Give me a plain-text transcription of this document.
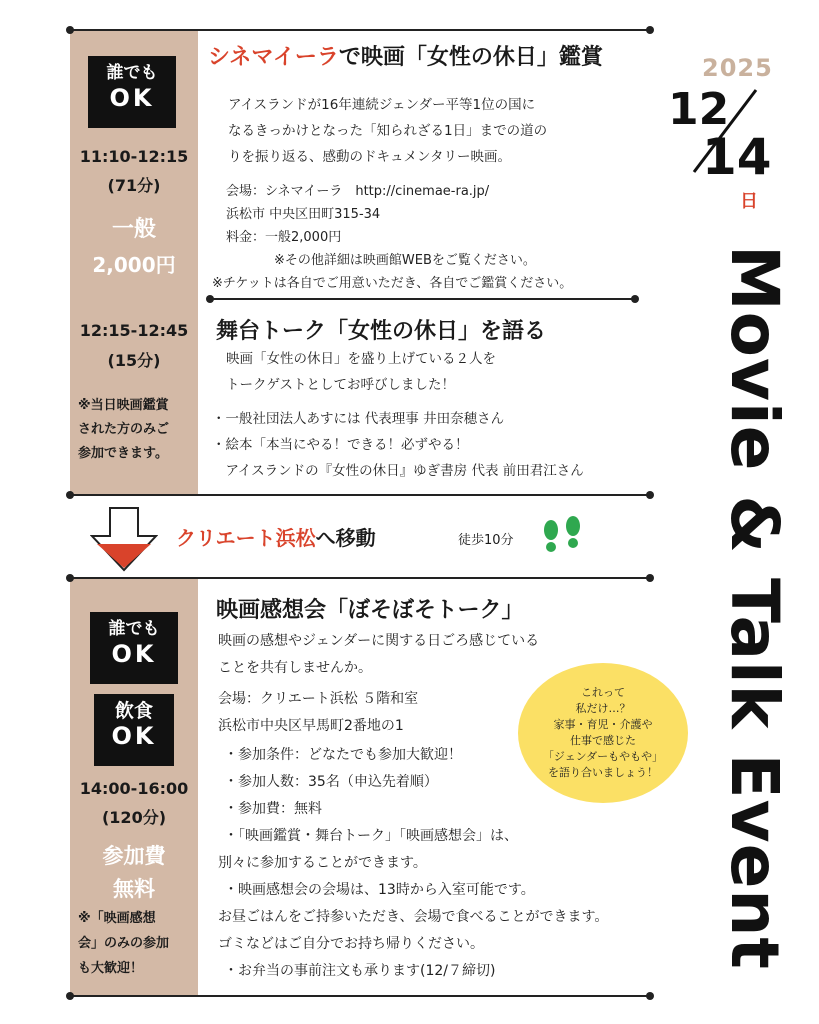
誰でも
OK
11:10-12:15
(71分)
一般
2,000円
シネマイーラで映画「女性の休日」鑑賞
アイスランドが16年連続ジェンダー平等1位の国に
なるきっかけとなった「知られざる1日」までの道の
りを振り返る、感動のドキュメンタリー映画。
会場：シネマイーラ　http://cinemae-ra.jp/
浜松市 中央区田町315-34
料金：一般2,000円
※その他詳細は映画館WEBをご覧ください。
※チケットは各自でご用意いただき、各自でご鑑賞ください。
12:15-12:45
(15分)
※当日映画鑑賞
された方のみご
参加できます。
舞台トーク「女性の休日」を語る
映画「女性の休日」を盛り上げている２人を
トークゲストとしてお呼びしました！
・一般社団法人あすには 代表理事 井田奈穂さん
・絵本「本当にやる！できる！必ずやる！
　アイスランドの『女性の休日』ゆぎ書房 代表 前田君江さん
クリエート浜松へ移動	徒歩10分
誰でも
OK
飲食
OK
14:00-16:00
(120分)
参加費
無料
※「映画感想
会」のみの参加
も大歓迎！
映画感想会「ぼそぼそトーク」
映画の感想やジェンダーに関する日ごろ感じている
ことを共有しませんか。
会場：クリエート浜松 ５階和室
浜松市中央区早馬町2番地の1
・参加条件：どなたでも参加大歓迎！
・参加人数：35名（申込先着順）
・参加費：無料
・「映画鑑賞・舞台トーク」「映画感想会」は、
別々に参加することができます。
・映画感想会の会場は、13時から入室可能です。
お昼ごはんをご持参いただき、会場で食べることができます。
ゴミなどはご自分でお持ち帰りください。
・お弁当の事前注文も承ります(12/７締切)
これって
私だけ…？
家事・育児・介護や
仕事で感じた
「ジェンダーもやもや」
を語り合いましょう！
2025
12
14
日
Movie & Talk Event
